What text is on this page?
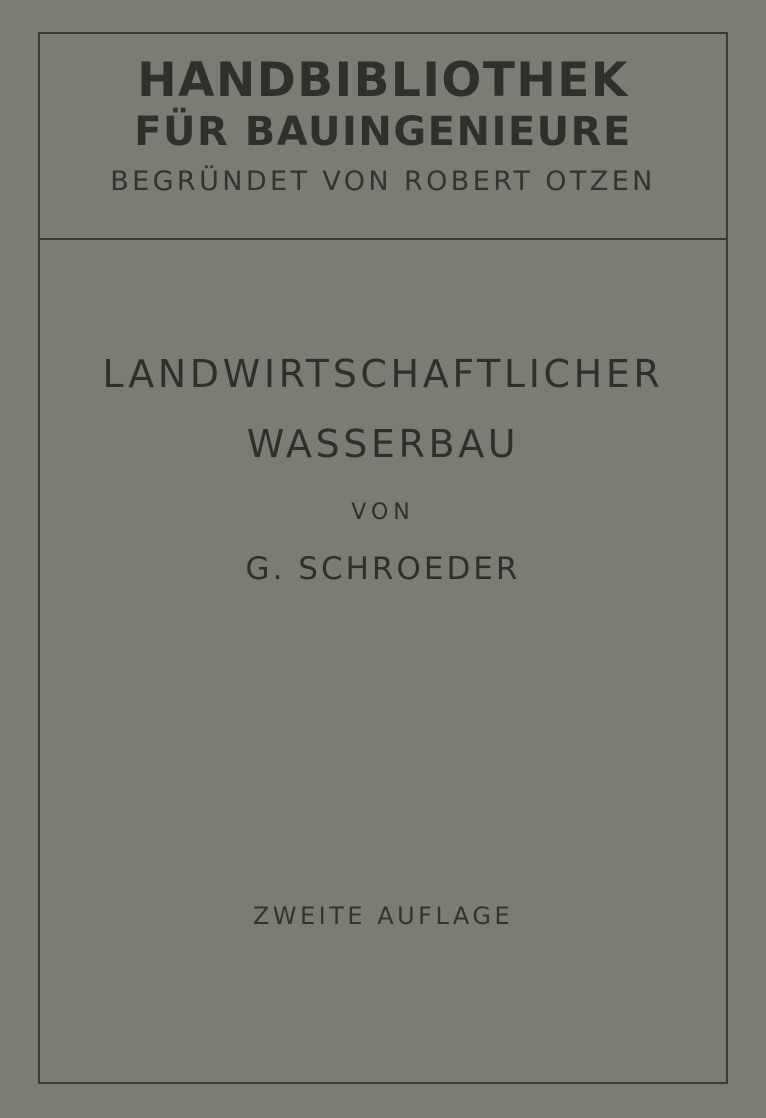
HANDBIBLIOTHEK
FÜR BAUINGENIEURE
BEGRÜNDET VON ROBERT OTZEN
LANDWIRTSCHAFTLICHER
WASSERBAU
VON
G. SCHROEDER
ZWEITE AUFLAGE
